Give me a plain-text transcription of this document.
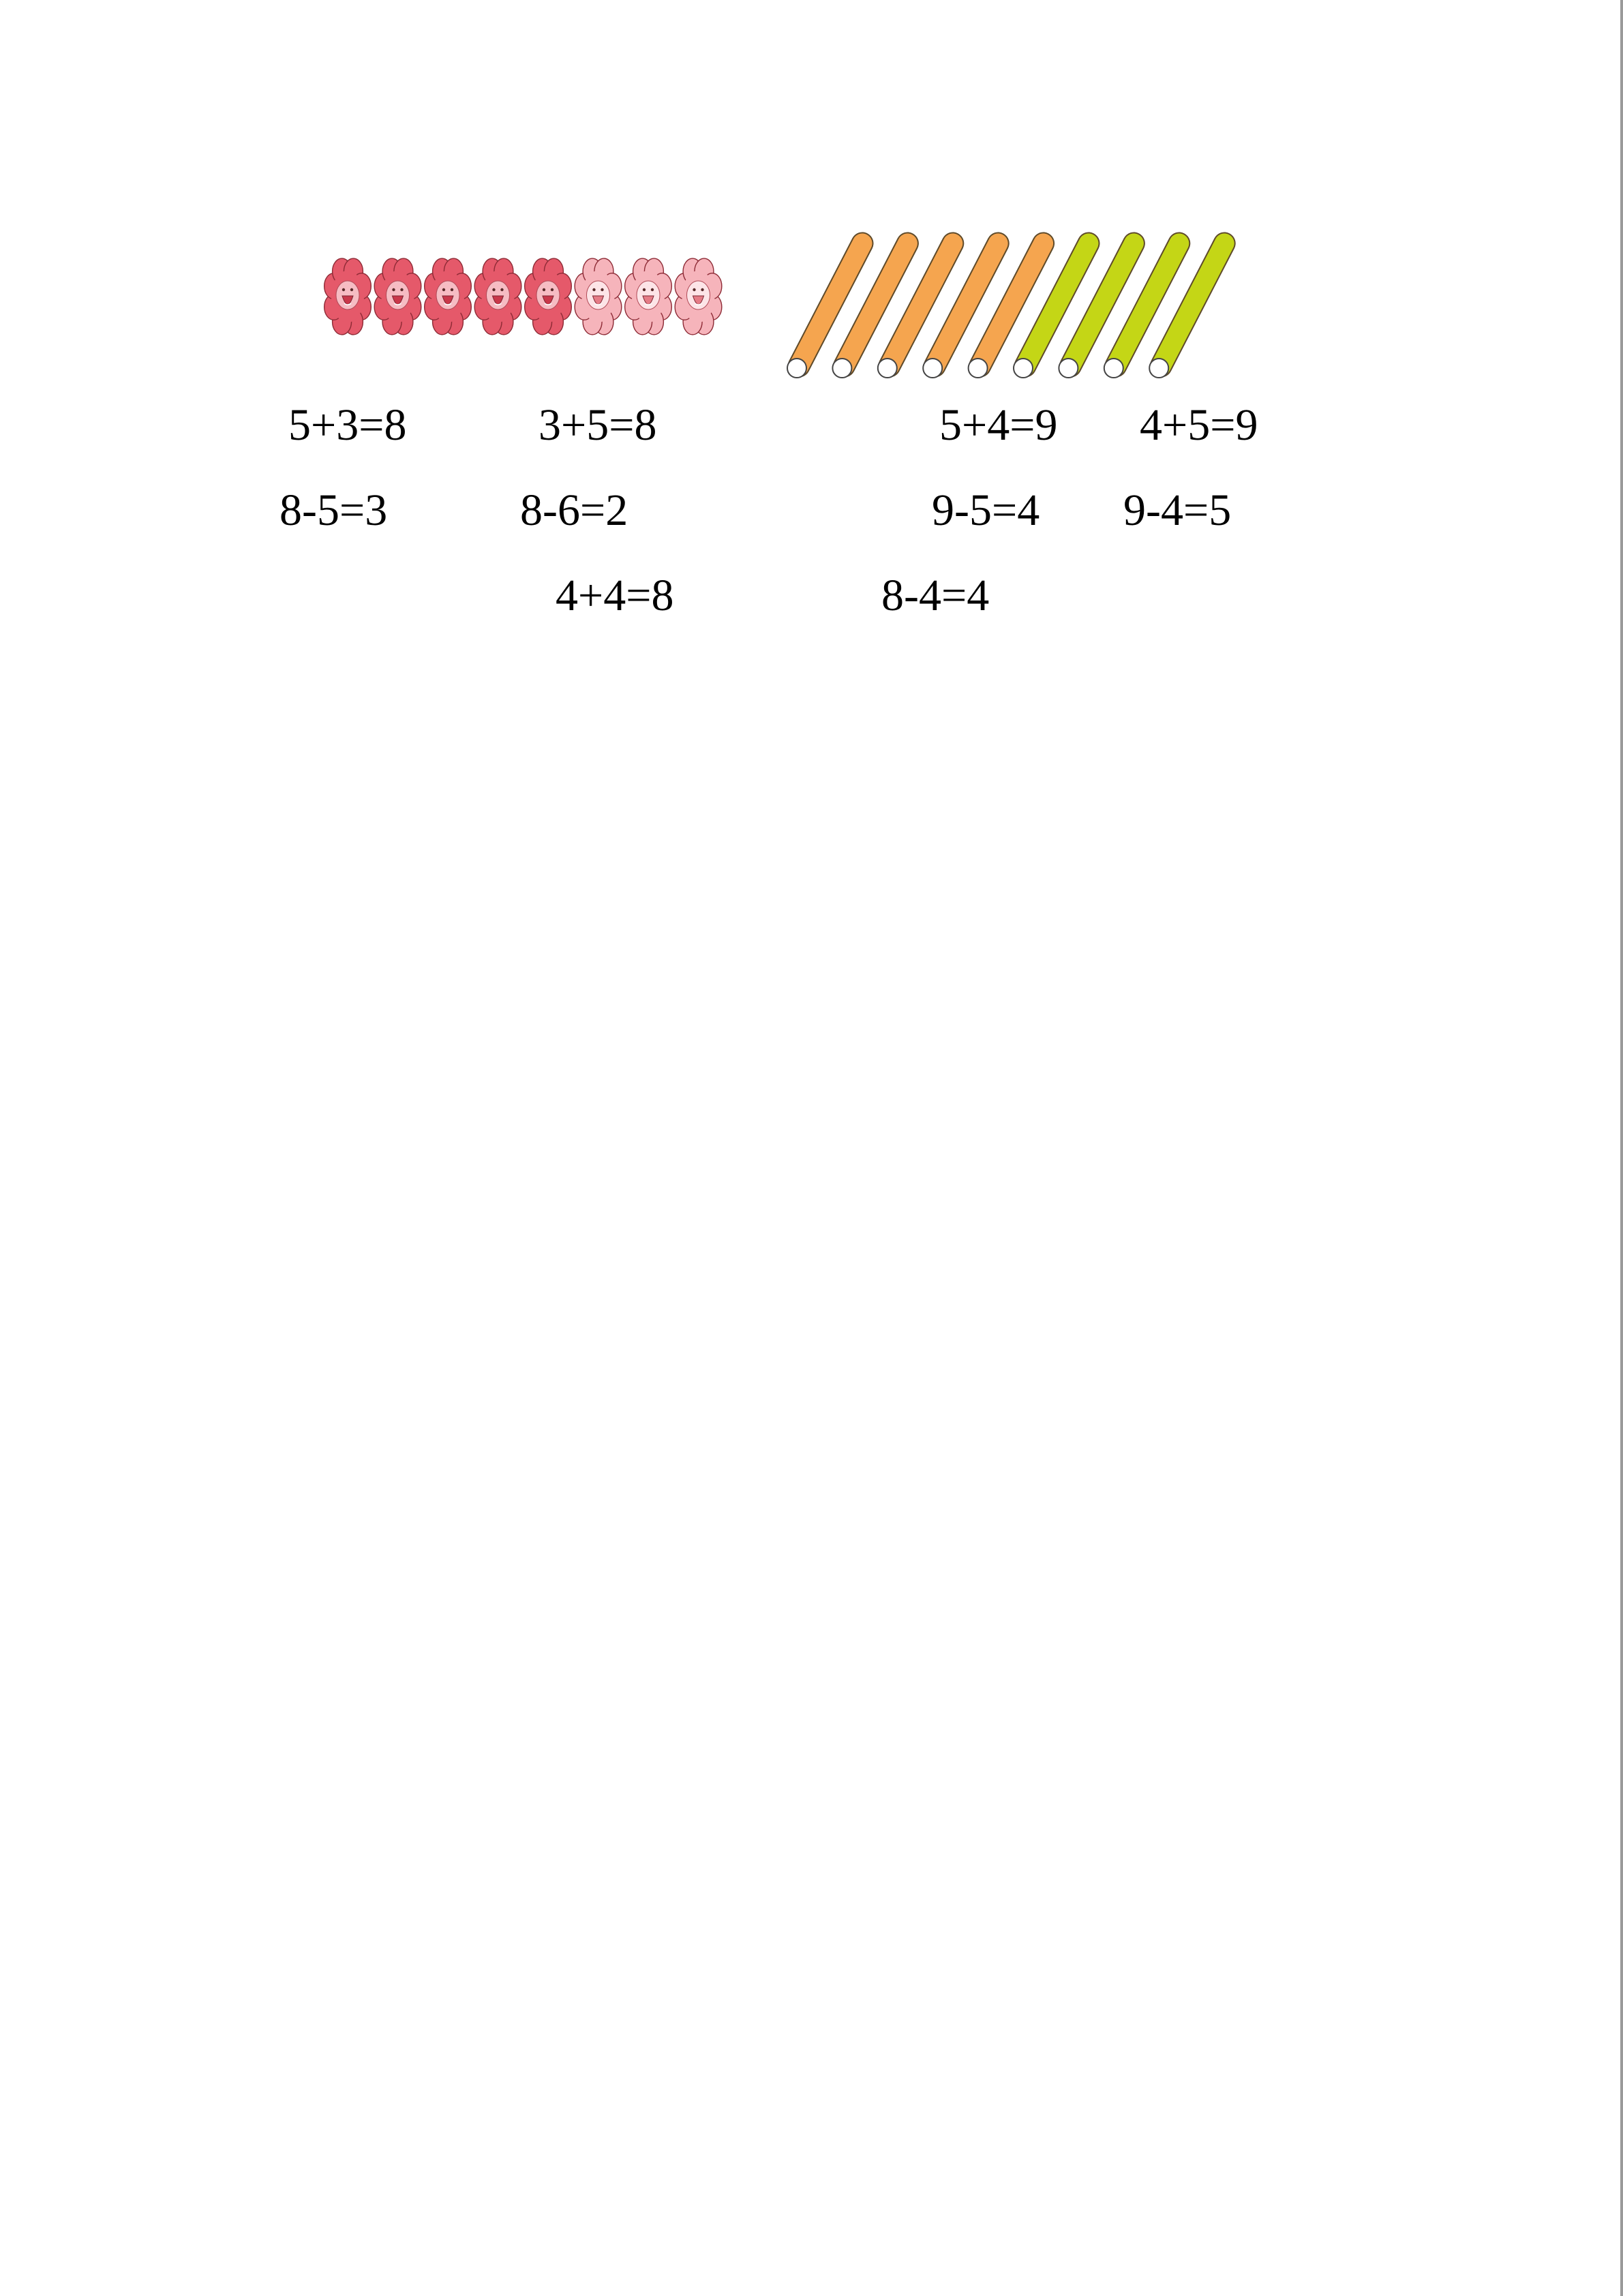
5+3=8	3+5=8	5+4=9 4+5=9
8-5=3	8-6=2	9-5=4 9-4=5
4+4=8	8-4=4
